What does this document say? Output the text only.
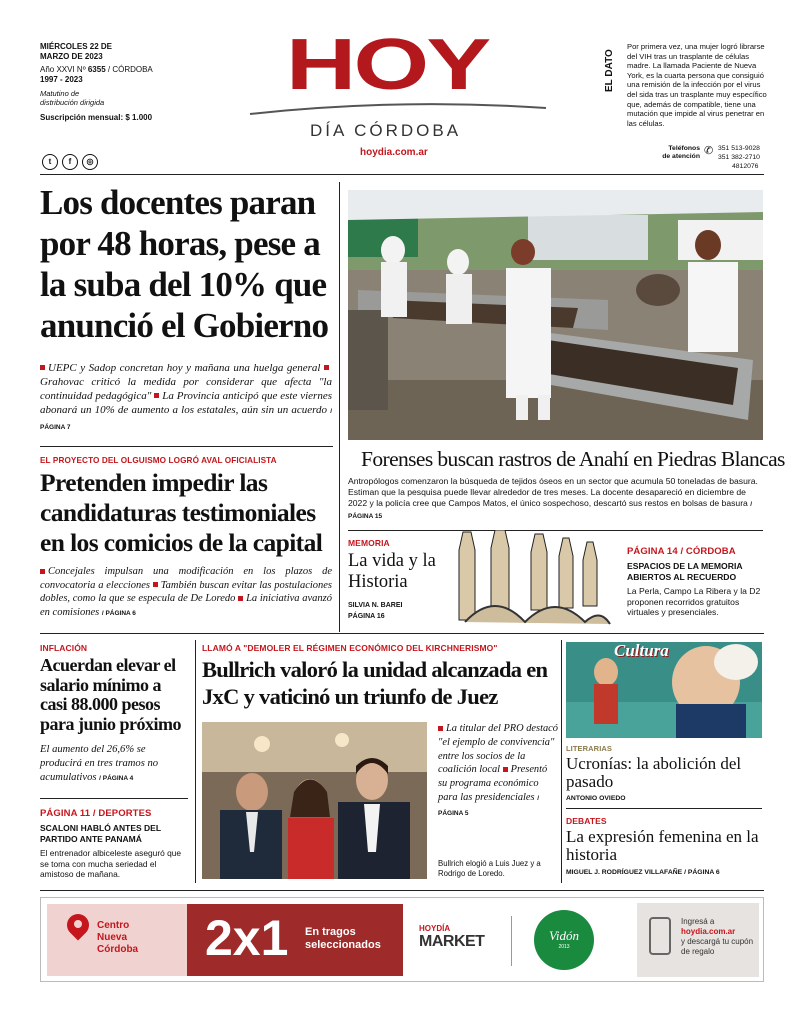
MIÉRCOLES 22 DE MARZO DE 2023
Año XXVI Nº 6355 / CÓRDOBA
1997 - 2023
Matutino de distribución dirigida
Suscripción mensual: $ 1.000
t f ◎
HOY
DÍA CÓRDOBA
hoydia.com.ar
EL DATO
Por primera vez, una mujer logró librarse del VIH tras un trasplante de células madre. La llamada Paciente de Nueva York, es la cuarta persona que consiguió una remisión de la infección por el virus del sida tras un trasplante muy específico que, además de compatible, tiene una mutación que impide al virus penetrar en las células.
Teléfonos de atención ✆ 351 513-9028
351 382-2710
4812076
Los docentes paran por 48 horas, pese a la suba del 10% que anunció el Gobierno
UEPC y Sadop concretan hoy y mañana una huelga general Grahovac criticó la medida por considerar que afecta "la continuidad pedagógica" La Provincia anticipó que este viernes abonará un 10% de aumento a los estatales, aún sin un acuerdo / PÁGINA 7
EL PROYECTO DEL OLGUISMO LOGRÓ AVAL OFICIALISTA
Pretenden impedir las candidaturas testimoniales en los comicios de la capital
Concejales impulsan una modificación en los plazos de convocatoria a elecciones También buscan evitar las postulaciones dobles, como la que se especula de De Loredo La iniciativa avanzó en comisiones / PÁGINA 6
Forenses buscan rastros de Anahí en Piedras Blancas
Antropólogos comenzaron la búsqueda de tejidos óseos en un sector que acumula 50 toneladas de basura. Estiman que la pesquisa puede llevar alrededor de tres meses. La docente desapareció en diciembre de 2022 y la policía cree que Campos Matos, el único sospechoso, descartó sus restos en bolsas de basura / PÁGINA 15
MEMORIA
La vida y la Historia
SILVIA N. BAREI
PÁGINA 16
PÁGINA 14 / CÓRDOBA
ESPACIOS DE LA MEMORIA ABIERTOS AL RECUERDO
La Perla, Campo La Ribera y la D2 proponen recorridos gratuitos virtuales y presenciales.
INFLACIÓN
Acuerdan elevar el salario mínimo a casi 88.000 pesos para junio próximo
El aumento del 26,6% se producirá en tres tramos no acumulativos / PÁGINA 4
PÁGINA 11 / DEPORTES
SCALONI HABLÓ ANTES DEL PARTIDO ANTE PANAMÁ
El entrenador albiceleste aseguró que se toma con mucha seriedad el amistoso de mañana.
LLAMÓ A "DEMOLER EL RÉGIMEN ECONÓMICO DEL KIRCHNERISMO"
Bullrich valoró la unidad alcanzada en JxC y vaticinó un triunfo de Juez
La titular del PRO destacó "el ejemplo de convivencia" entre los socios de la coalición local Presentó su programa económico para las presidenciales / PÁGINA 5
Bullrich elogió a Luis Juez y a Rodrigo de Loredo.
Cultura
LITERARIAS
Ucronías: la abolición del pasado
ANTONIO OVIEDO
DEBATES
La expresión femenina en la historia
MIGUEL J. RODRÍGUEZ VILLAFAÑE / PÁGINA 6
Centro
Nueva
Córdoba 2x1 En tragos seleccionados
HOYDÍA
MARKET	Vidón
2013
Ingresá a
hoydia.com.ar
y descargá tu cupón de regalo
